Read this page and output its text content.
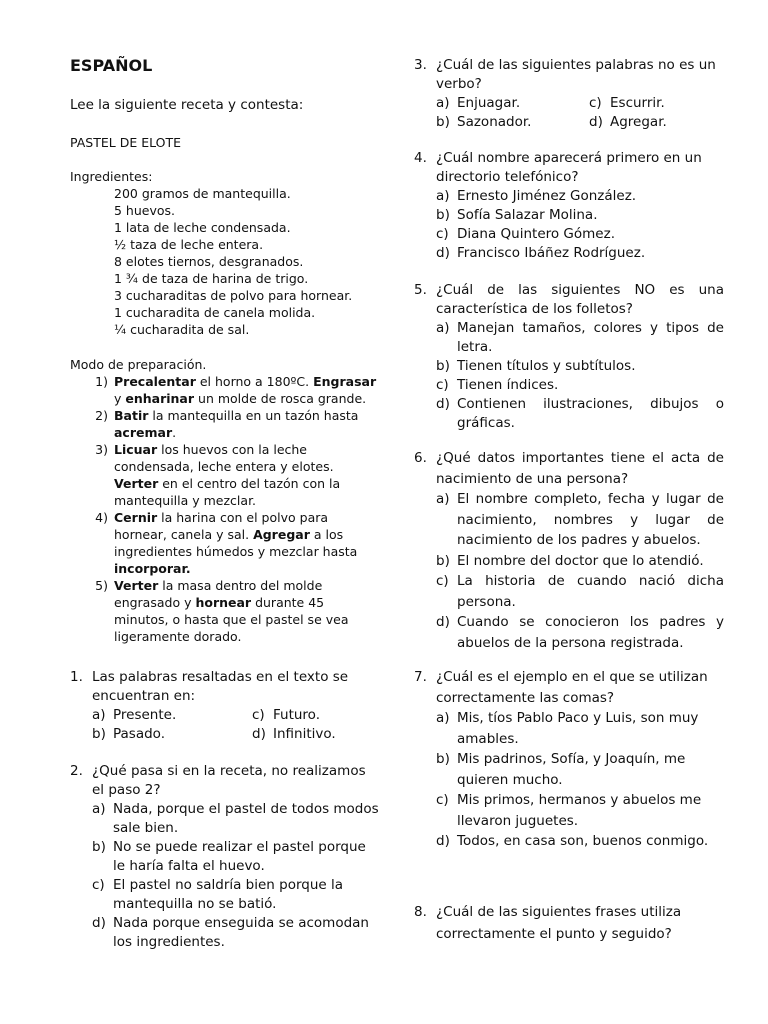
ESPAÑOL
Lee la siguiente receta y contesta:
PASTEL DE ELOTE
Ingredientes:
200 gramos de mantequilla.
5 huevos.
1 lata de leche condensada.
½ taza de leche entera.
8 elotes tiernos, desgranados.
1 ¾ de taza de harina de trigo.
3 cucharaditas de polvo para hornear.
1 cucharadita de canela molida.
¼ cucharadita de sal.
Modo de preparación.
1) Precalentar el horno a 180ºC. Engrasar y enharinar un molde de rosca grande.
2) Batir la mantequilla en un tazón hasta acremar.
3) Licuar los huevos con la leche condensada, leche entera y elotes. Verter en el centro del tazón con la mantequilla y mezclar.
4) Cernir la harina con el polvo para hornear, canela y sal. Agregar a los ingredientes húmedos y mezclar hasta incorporar.
5) Verter la masa dentro del molde engrasado y hornear durante 45 minutos, o hasta que el pastel se vea ligeramente dorado.
1. Las palabras resaltadas en el texto se encuentran en:
a) Presente.	c) Futuro.
b) Pasado.	d) Infinitivo.
2. ¿Qué pasa si en la receta, no realizamos el paso 2?
a) Nada, porque el pastel de todos modos sale bien.
b) No se puede realizar el pastel porque le haría falta el huevo.
c) El pastel no saldría bien porque la mantequilla no se batió.
d) Nada porque enseguida se acomodan los ingredientes.
3. ¿Cuál de las siguientes palabras no es un verbo?
a) Enjuagar.	c) Escurrir.
b) Sazonador.	d) Agregar.
4. ¿Cuál nombre aparecerá primero en un directorio telefónico?
a) Ernesto Jiménez González.
b) Sofía Salazar Molina.
c) Diana Quintero Gómez.
d) Francisco Ibáñez Rodríguez.
5. ¿Cuál de las siguientes NO es una característica de los folletos?
a) Manejan tamaños, colores y tipos de letra.
b) Tienen títulos y subtítulos.
c) Tienen índices.
d) Contienen ilustraciones, dibujos o gráficas.
6. ¿Qué datos importantes tiene el acta de nacimiento de una persona?
a) El nombre completo, fecha y lugar de nacimiento, nombres y lugar de nacimiento de los padres y abuelos.
b) El nombre del doctor que lo atendió.
c) La historia de cuando nació dicha persona.
d) Cuando se conocieron los padres y abuelos de la persona registrada.
7. ¿Cuál es el ejemplo en el que se utilizan correctamente las comas?
a) Mis, tíos Pablo Paco y Luis, son muy amables.
b) Mis padrinos, Sofía, y Joaquín, me quieren mucho.
c) Mis primos, hermanos y abuelos me llevaron juguetes.
d) Todos, en casa son, buenos conmigo.
8. ¿Cuál de las siguientes frases utiliza correctamente el punto y seguido?
